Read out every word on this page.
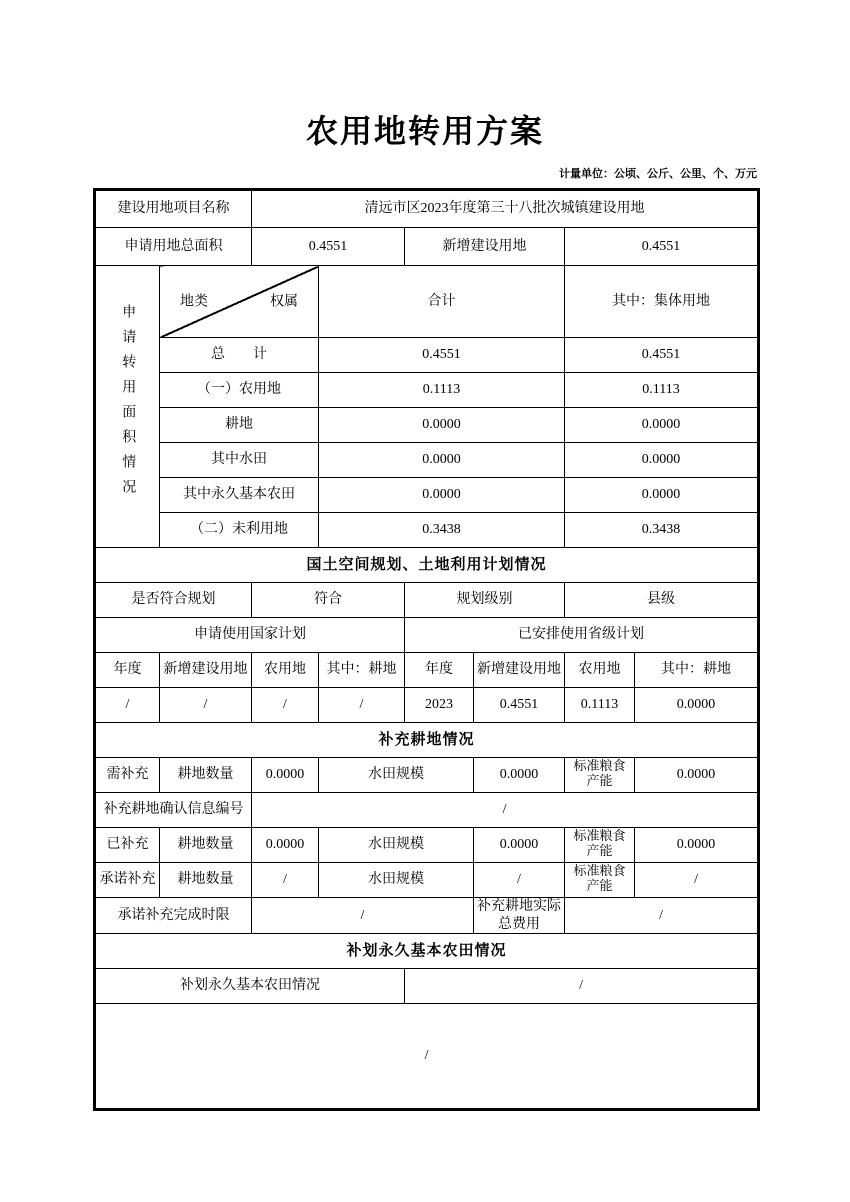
农用地转用方案
计量单位：公顷、公斤、公里、个、万元
建设用地项目名称		清远市区2023年度第三十八批次城镇建设用地					
申请用地总面积		0.4551		新增建设用地		0.4551	
申请转用面积情况	地类 权属		合计			其中：集体用地	
	总　　计		0.4551			0.4551	
	（一）农用地		0.1113			0.1113	
	耕地		0.0000			0.0000	
	其中水田		0.0000			0.0000	
	其中永久基本农田		0.0000			0.0000	
	（二）未利用地		0.3438			0.3438	
国土空间规划、土地利用计划情况							
是否符合规划		符合		规划级别		县级	
申请使用国家计划				已安排使用省级计划			
年度	新增建设用地	农用地	其中：耕地	年度	新增建设用地	农用地	其中：耕地
/	/	/	/	2023	0.4551	0.1113	0.0000
补充耕地情况							
需补充	耕地数量	0.0000	水田规模		0.0000	标准粮食产能	0.0000
补充耕地确认信息编号		/					
已补充	耕地数量	0.0000	水田规模		0.0000	标准粮食产能	0.0000
承诺补充	耕地数量	/	水田规模		/	标准粮食产能	/
承诺补充完成时限		/			补充耕地实际总费用	/	
补划永久基本农田情况							
补划永久基本农田情况				/			
/							
